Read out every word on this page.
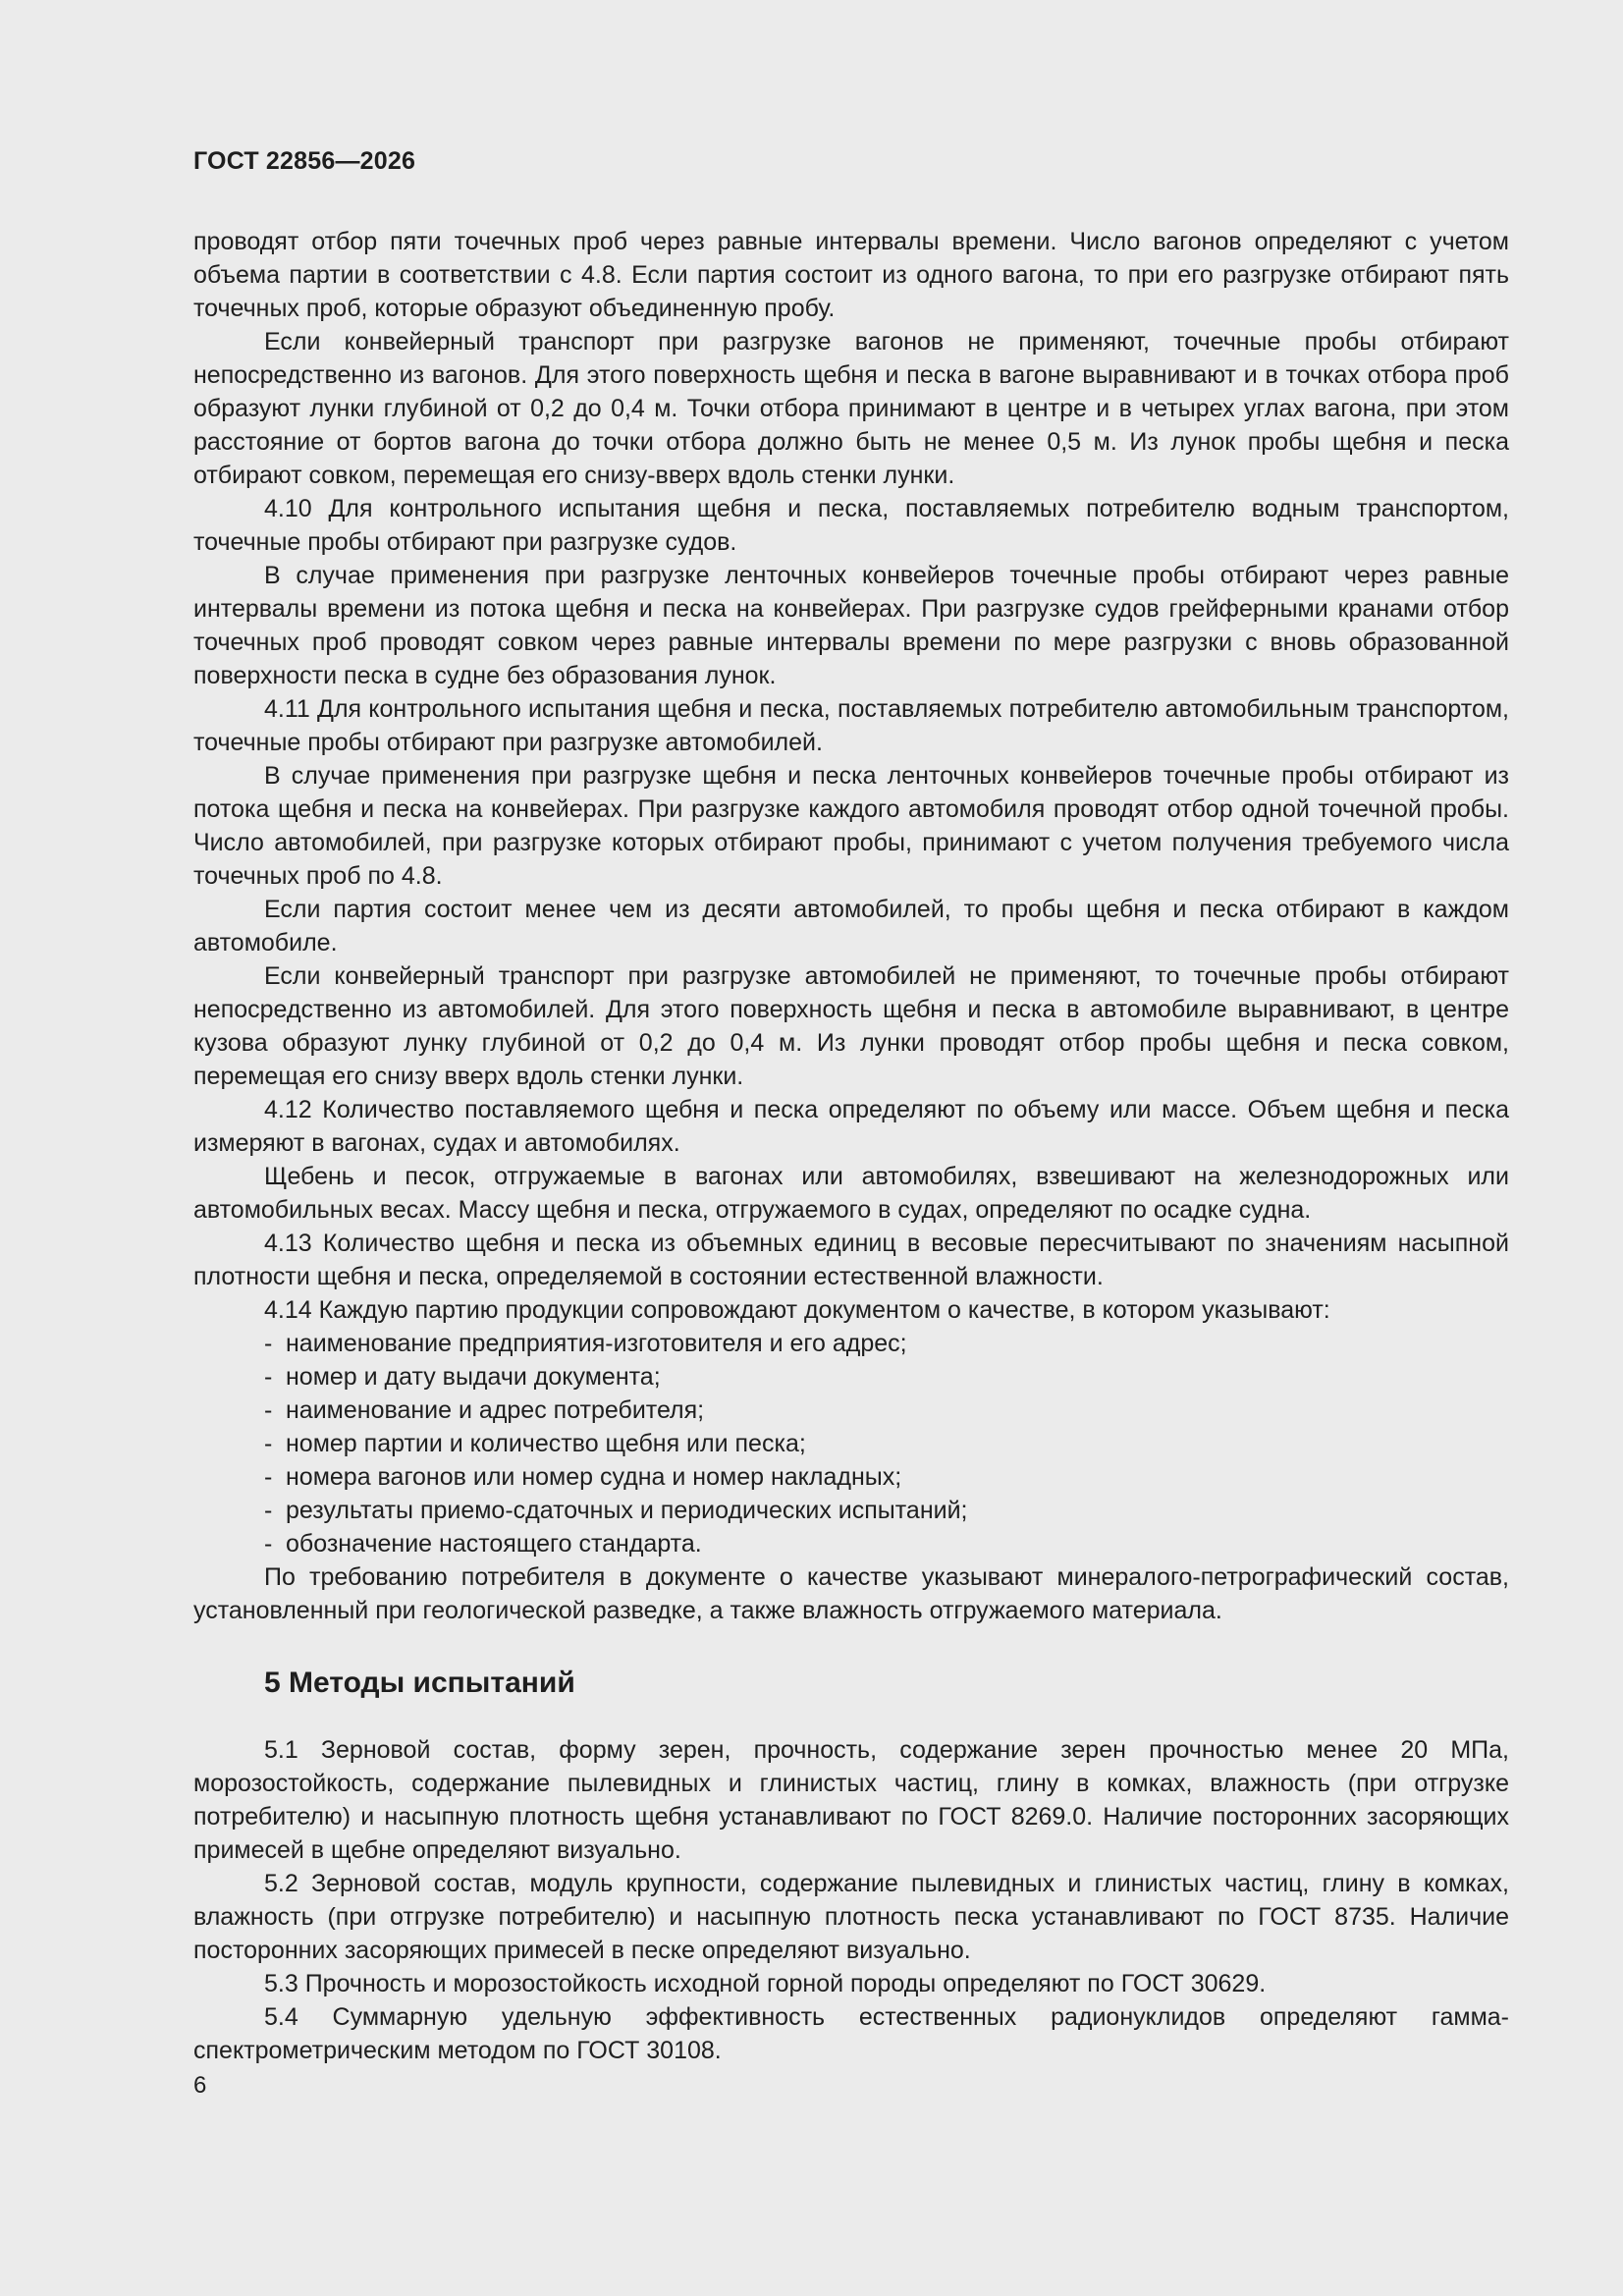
ГОСТ 22856—2026

проводят отбор пяти точечных проб через равные интервалы времени. Число вагонов определяют с учетом объема партии в соответствии с 4.8. Если партия состоит из одного вагона, то при его разгрузке отбирают пять точечных проб, которые образуют объединенную пробу.

Если конвейерный транспорт при разгрузке вагонов не применяют, точечные пробы отбирают непосредственно из вагонов. Для этого поверхность щебня и песка в вагоне выравнивают и в точках отбора проб образуют лунки глубиной от 0,2 до 0,4 м. Точки отбора принимают в центре и в четырех углах вагона, при этом расстояние от бортов вагона до точки отбора должно быть не менее 0,5 м. Из лунок пробы щебня и песка отбирают совком, перемещая его снизу-вверх вдоль стенки лунки.

4.10 Для контрольного испытания щебня и песка, поставляемых потребителю водным транспортом, точечные пробы отбирают при разгрузке судов.

В случае применения при разгрузке ленточных конвейеров точечные пробы отбирают через равные интервалы времени из потока щебня и песка на конвейерах. При разгрузке судов грейферными кранами отбор точечных проб проводят совком через равные интервалы времени по мере разгрузки с вновь образованной поверхности песка в судне без образования лунок.

4.11 Для контрольного испытания щебня и песка, поставляемых потребителю автомобильным транспортом, точечные пробы отбирают при разгрузке автомобилей.

В случае применения при разгрузке щебня и песка ленточных конвейеров точечные пробы отбирают из потока щебня и песка на конвейерах. При разгрузке каждого автомобиля проводят отбор одной точечной пробы. Число автомобилей, при разгрузке которых отбирают пробы, принимают с учетом получения требуемого числа точечных проб по 4.8.

Если партия состоит менее чем из десяти автомобилей, то пробы щебня и песка отбирают в каждом автомобиле.

Если конвейерный транспорт при разгрузке автомобилей не применяют, то точечные пробы отбирают непосредственно из автомобилей. Для этого поверхность щебня и песка в автомобиле выравнивают, в центре кузова образуют лунку глубиной от 0,2 до 0,4 м. Из лунки проводят отбор пробы щебня и песка совком, перемещая его снизу вверх вдоль стенки лунки.

4.12 Количество поставляемого щебня и песка определяют по объему или массе. Объем щебня и песка измеряют в вагонах, судах и автомобилях.

Щебень и песок, отгружаемые в вагонах или автомобилях, взвешивают на железнодорожных или автомобильных весах. Массу щебня и песка, отгружаемого в судах, определяют по осадке судна.

4.13 Количество щебня и песка из объемных единиц в весовые пересчитывают по значениям насыпной плотности щебня и песка, определяемой в состоянии естественной влажности.

4.14 Каждую партию продукции сопровождают документом о качестве, в котором указывают:

- наименование предприятия-изготовителя и его адрес;

- номер и дату выдачи документа;

- наименование и адрес потребителя;

- номер партии и количество щебня или песка;

- номера вагонов или номер судна и номер накладных;

- результаты приемо-сдаточных и периодических испытаний;

- обозначение настоящего стандарта.

По требованию потребителя в документе о качестве указывают минералого-петрографический состав, установленный при геологической разведке, а также влажность отгружаемого материала.

5 Методы испытаний

5.1 Зерновой состав, форму зерен, прочность, содержание зерен прочностью менее 20 МПа, морозостойкость, содержание пылевидных и глинистых частиц, глину в комках, влажность (при отгрузке потребителю) и насыпную плотность щебня устанавливают по ГОСТ 8269.0. Наличие посторонних засоряющих примесей в щебне определяют визуально.

5.2 Зерновой состав, модуль крупности, содержание пылевидных и глинистых частиц, глину в комках, влажность (при отгрузке потребителю) и насыпную плотность песка устанавливают по ГОСТ 8735. Наличие посторонних засоряющих примесей в песке определяют визуально.

5.3 Прочность и морозостойкость исходной горной породы определяют по ГОСТ 30629.

5.4 Суммарную удельную эффективность естественных радионуклидов определяют гамма-спектрометрическим методом по ГОСТ 30108.

6
